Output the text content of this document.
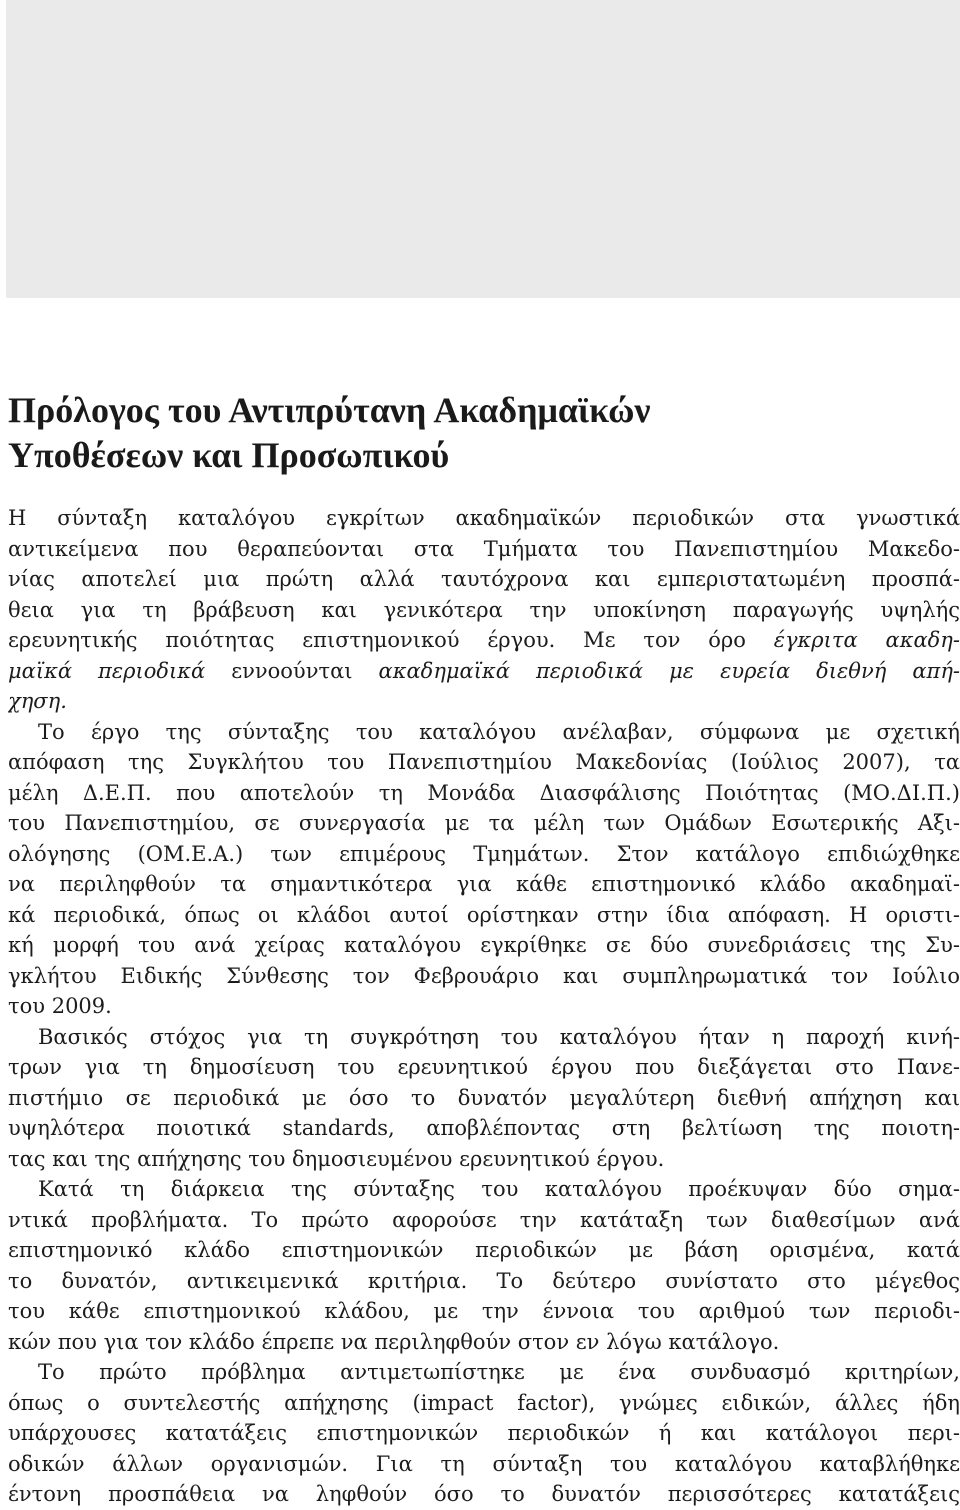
Πρόλογος του Αντιπρύτανη Ακαδημαϊκών
Υποθέσεων και Προσωπικού
Η σύνταξη καταλόγου εγκρίτων ακαδημαϊκών περιοδικών στα γνωστικά
αντικείμενα που θεραπεύονται στα Τμήματα του Πανεπιστημίου Μακεδο-
νίας αποτελεί μια πρώτη αλλά ταυτόχρονα και εμπεριστατωμένη προσπά-
θεια για τη βράβευση και γενικότερα την υποκίνηση παραγωγής υψηλής
ερευνητικής ποιότητας επιστημονικού έργου. Με τον όρο έγκριτα ακαδη-
μαϊκά περιοδικά εννοούνται ακαδημαϊκά περιοδικά με ευρεία διεθνή απή-
χηση.
Το έργο της σύνταξης του καταλόγου ανέλαβαν, σύμφωνα με σχετική
απόφαση της Συγκλήτου του Πανεπιστημίου Μακεδονίας (Ιούλιος 2007), τα
μέλη Δ.Ε.Π. που αποτελούν τη Μονάδα Διασφάλισης Ποιότητας (ΜΟ.ΔΙ.Π.)
του Πανεπιστημίου, σε συνεργασία με τα μέλη των Ομάδων Εσωτερικής Αξι-
ολόγησης (ΟΜ.Ε.Α.) των επιμέρους Τμημάτων. Στον κατάλογο επιδιώχθηκε
να περιληφθούν τα σημαντικότερα για κάθε επιστημονικό κλάδο ακαδημαϊ-
κά περιοδικά, όπως οι κλάδοι αυτοί ορίστηκαν στην ίδια απόφαση. Η οριστι-
κή μορφή του ανά χείρας καταλόγου εγκρίθηκε σε δύο συνεδριάσεις της Συ-
γκλήτου Ειδικής Σύνθεσης τον Φεβρουάριο και συμπληρωματικά τον Ιούλιο
του 2009.
Βασικός στόχος για τη συγκρότηση του καταλόγου ήταν η παροχή κινή-
τρων για τη δημοσίευση του ερευνητικού έργου που διεξάγεται στο Πανε-
πιστήμιο σε περιοδικά με όσο το δυνατόν μεγαλύτερη διεθνή απήχηση και
υψηλότερα ποιοτικά standards, αποβλέποντας στη βελτίωση της ποιοτη-
τας και της απήχησης του δημοσιευμένου ερευνητικού έργου.
Κατά τη διάρκεια της σύνταξης του καταλόγου προέκυψαν δύο σημα-
ντικά προβλήματα. Το πρώτο αφορούσε την κατάταξη των διαθεσίμων ανά
επιστημονικό κλάδο επιστημονικών περιοδικών με βάση ορισμένα, κατά
το δυνατόν, αντικειμενικά κριτήρια. Το δεύτερο συνίστατο στο μέγεθος
του κάθε επιστημονικού κλάδου, με την έννοια του αριθμού των περιοδι-
κών που για τον κλάδο έπρεπε να περιληφθούν στον εν λόγω κατάλογο.
Το πρώτο πρόβλημα αντιμετωπίστηκε με ένα συνδυασμό κριτηρίων,
όπως ο συντελεστής απήχησης (impact factor), γνώμες ειδικών, άλλες ήδη
υπάρχουσες κατατάξεις επιστημονικών περιοδικών ή και κατάλογοι περι-
οδικών άλλων οργανισμών. Για τη σύνταξη του καταλόγου καταβλήθηκε
έντονη προσπάθεια να ληφθούν όσο το δυνατόν περισσότερες κατατάξεις
